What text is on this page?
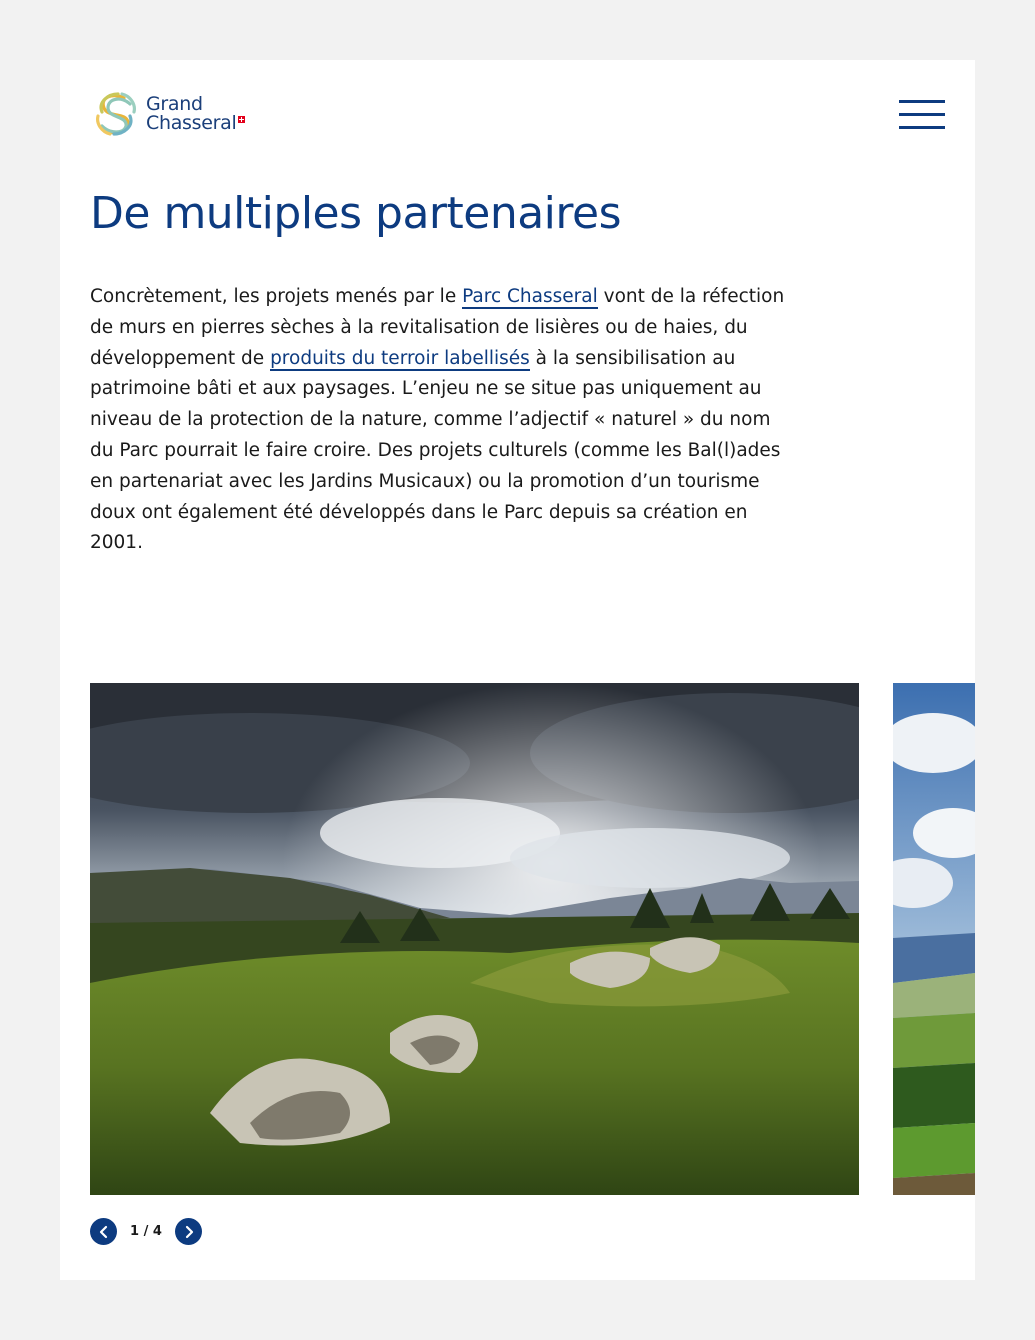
Grand
Chasseral
De multiples partenaires

Concrètement, les projets menés par le Parc Chasseral vont de la réfection de murs en pierres sèches à la revitalisation de lisières ou de haies, du développement de produits du terroir labellisés à la sensibilisation au patrimoine bâti et aux paysages. L’enjeu ne se situe pas uniquement au niveau de la protection de la nature, comme l’adjectif « naturel » du nom du Parc pourrait le faire croire. Des projets culturels (comme les Bal(l)ades en partenariat avec les Jardins Musicaux) ou la promotion d’un tourisme doux ont également été développés dans le Parc depuis sa création en 2001.

1 / 4
